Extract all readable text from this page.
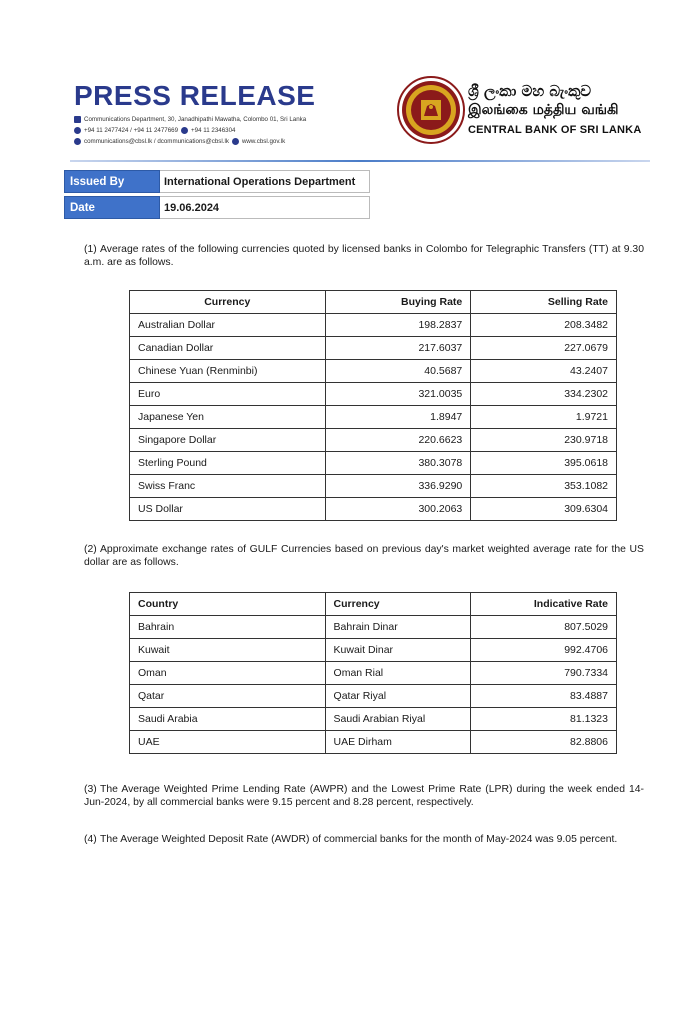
PRESS RELEASE
Communications Department, 30, Janadhipathi Mawatha, Colombo 01, Sri Lanka
+94 11 2477424 / +94 11 2477669 +94 11 2346304
communications@cbsl.lk / dcommunications@cbsl.lk www.cbsl.gov.lk
ශ්‍රී ලංකා මහ බැංකුව
இலங்கை மத்திய வங்கி
CENTRAL BANK OF SRI LANKA
Issued By	International Operations Department
Date	19.06.2024
(1) Average rates of the following currencies quoted by licensed banks in Colombo for Telegraphic Transfers (TT) at 9.30 a.m. are as follows.
Currency	Buying Rate	Selling Rate
Australian Dollar	198.2837	208.3482
Canadian Dollar	217.6037	227.0679
Chinese Yuan (Renminbi)	40.5687	43.2407
Euro	321.0035	334.2302
Japanese Yen	1.8947	1.9721
Singapore Dollar	220.6623	230.9718
Sterling Pound	380.3078	395.0618
Swiss Franc	336.9290	353.1082
US Dollar	300.2063	309.6304
(2) Approximate exchange rates of GULF Currencies based on previous day's market weighted average rate for the US dollar are as follows.
Country	Currency	Indicative Rate
Bahrain	Bahrain Dinar	807.5029
Kuwait	Kuwait Dinar	992.4706
Oman	Oman Rial	790.7334
Qatar	Qatar Riyal	83.4887
Saudi Arabia	Saudi Arabian Riyal	81.1323
UAE	UAE Dirham	82.8806
(3) The Average Weighted Prime Lending Rate (AWPR) and the Lowest Prime Rate (LPR) during the week ended 14-Jun-2024, by all commercial banks were 9.15 percent and 8.28 percent, respectively.
(4) The Average Weighted Deposit Rate (AWDR) of commercial banks for the month of May-2024 was 9.05 percent.
